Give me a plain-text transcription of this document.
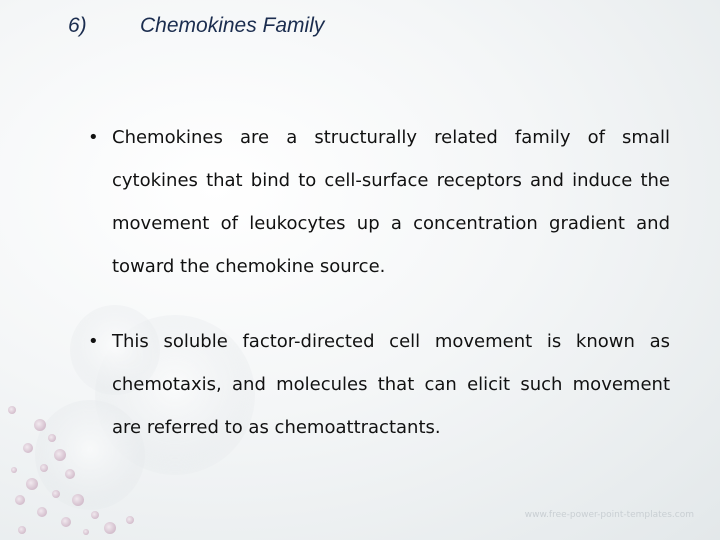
6)	Chemokines Family
• Chemokines are a structurally related family of small cytokines that bind to cell-surface receptors and induce the movement of leukocytes up a concentration gradient and toward the chemokine source.
• This soluble factor-directed cell movement is known as chemotaxis, and molecules that can elicit such movement are referred to as chemoattractants.
www.free-power-point-templates.com
